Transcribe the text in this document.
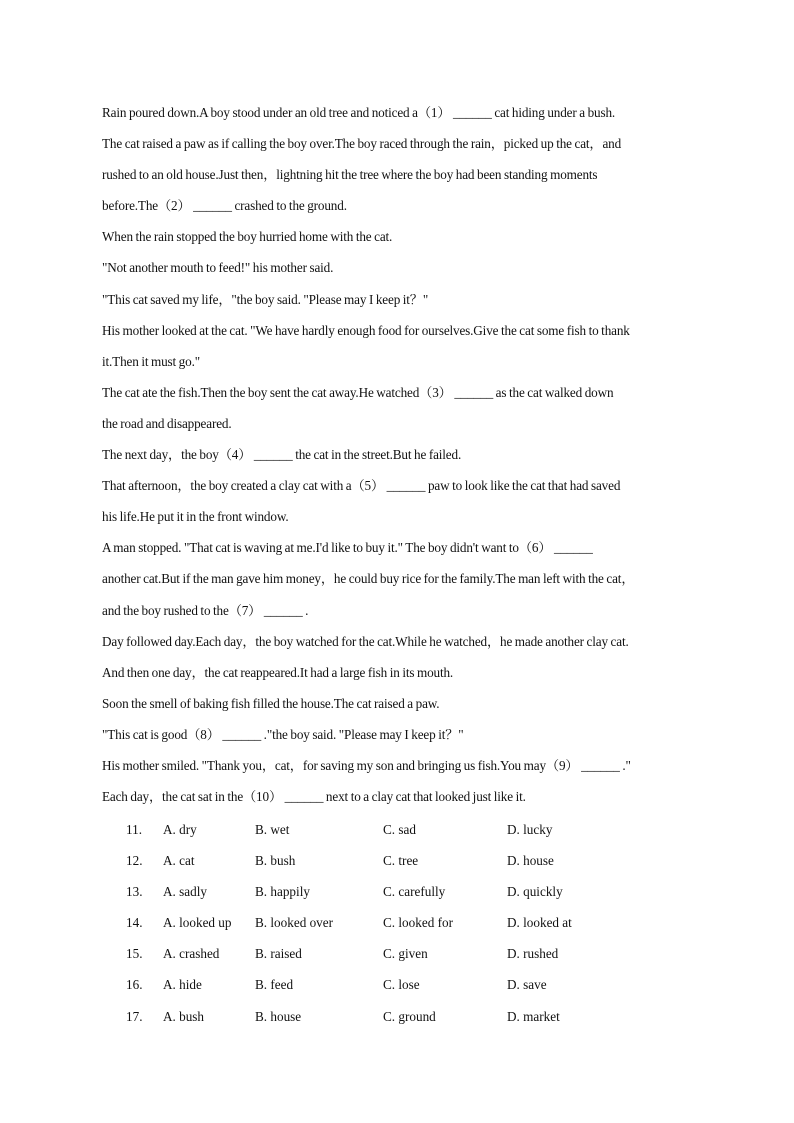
Rain poured down.A boy stood under an old tree and noticed a（1） ______ cat hiding under a bush.
The cat raised a paw as if calling the boy over.The boy raced through the rain，picked up the cat，and
rushed to an old house.Just then，lightning hit the tree where the boy had been standing moments
before.The（2） ______ crashed to the ground.
When the rain stopped the boy hurried home with the cat.
"Not another mouth to feed!" his mother said.
"This cat saved my life，"the boy said. "Please may I keep it？"
His mother looked at the cat. "We have hardly enough food for ourselves.Give the cat some fish to thank
it.Then it must go."
The cat ate the fish.Then the boy sent the cat away.He watched（3） ______ as the cat walked down
the road and disappeared.
The next day，the boy（4） ______ the cat in the street.But he failed.
That afternoon，the boy created a clay cat with a（5） ______ paw to look like the cat that had saved
his life.He put it in the front window.
A man stopped. "That cat is waving at me.I'd like to buy it." The boy didn't want to（6） ______
another cat.But if the man gave him money，he could buy rice for the family.The man left with the cat，
and the boy rushed to the（7） ______ .
Day followed day.Each day，the boy watched for the cat.While he watched，he made another clay cat.
And then one day，the cat reappeared.It had a large fish in its mouth.
Soon the smell of baking fish filled the house.The cat raised a paw.
"This cat is good（8） ______ ."the boy said. "Please may I keep it？"
His mother smiled. "Thank you，cat，for saving my son and bringing us fish.You may（9） ______ ."
Each day，the cat sat in the（10） ______ next to a clay cat that looked just like it.
11. A. dry	B. wet	C. sad	D. lucky
12. A. cat	B. bush	C. tree	D. house
13. A. sadly	B. happily	C. carefully	D. quickly
14. A. looked up B. looked over	C. looked for	D. looked at
15. A. crashed	B. raised	C. given	D. rushed
16. A. hide	B. feed	C. lose	D. save
17. A. bush	B. house	C. ground	D. market
